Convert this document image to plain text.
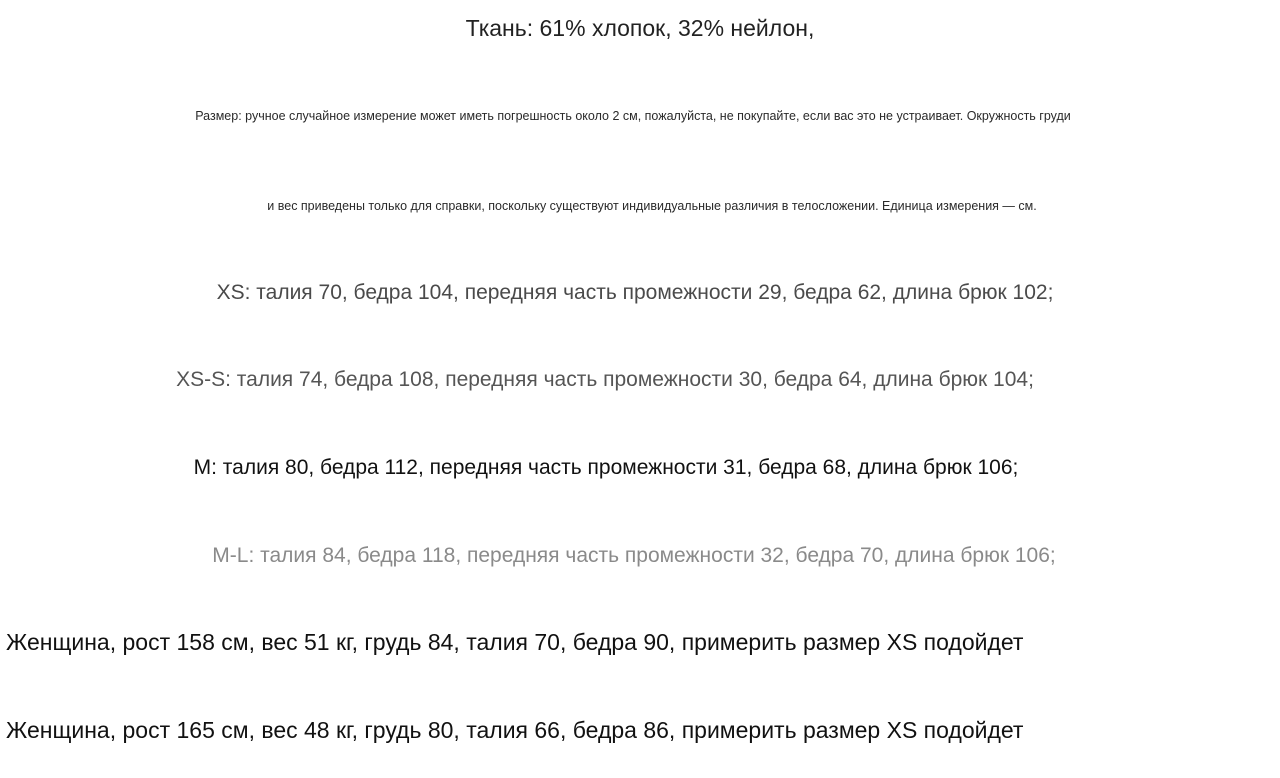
Ткань: 61% хлопок, 32% нейлон,
Размер: ручное случайное измерение может иметь погрешность около 2 см, пожалуйста, не покупайте, если вас это не устраивает. Окружность груди
и вес приведены только для справки, поскольку существуют индивидуальные различия в телосложении. Единица измерения — см.
XS: талия 70, бедра 104, передняя часть промежности 29, бедра 62, длина брюк 102;
XS-S: талия 74, бедра 108, передняя часть промежности 30, бедра 64, длина брюк 104;
M: талия 80, бедра 112, передняя часть промежности 31, бедра 68, длина брюк 106;
M-L: талия 84, бедра 118, передняя часть промежности 32, бедра 70, длина брюк 106;
Женщина, рост 158 см, вес 51 кг, грудь 84, талия 70, бедра 90, примерить размер XS подойдет
Женщина, рост 165 см, вес 48 кг, грудь 80, талия 66, бедра 86, примерить размер XS подойдет
